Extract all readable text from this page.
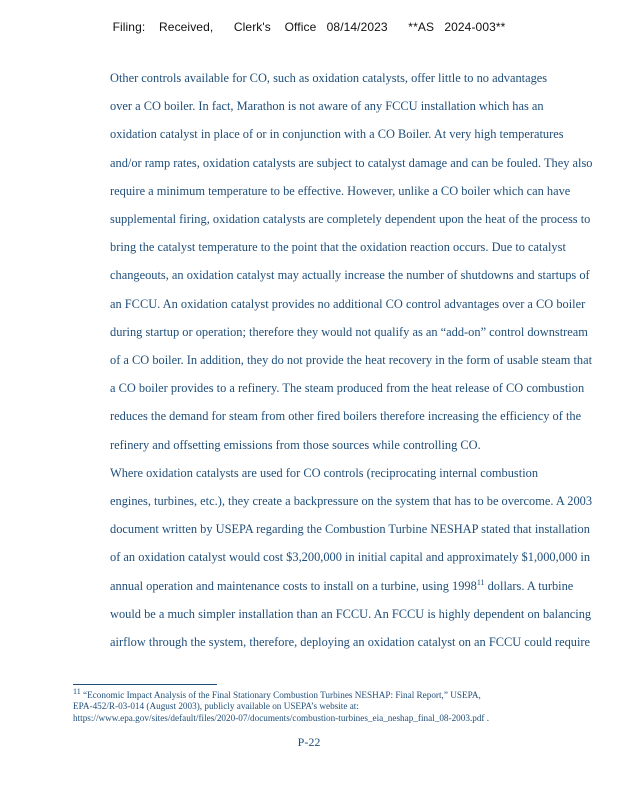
Filing:    Received,      Clerk's    Office   08/14/2023      **AS   2024-003**

Other controls available for CO, such as oxidation catalysts, offer little to no advantages
over a CO boiler. In fact, Marathon is not aware of any FCCU installation which has an
oxidation catalyst in place of or in conjunction with a CO Boiler. At very high temperatures
and/or ramp rates, oxidation catalysts are subject to catalyst damage and can be fouled. They also
require a minimum temperature to be effective. However, unlike a CO boiler which can have
supplemental firing, oxidation catalysts are completely dependent upon the heat of the process to
bring the catalyst temperature to the point that the oxidation reaction occurs. Due to catalyst
changeouts, an oxidation catalyst may actually increase the number of shutdowns and startups of
an FCCU. An oxidation catalyst provides no additional CO control advantages over a CO boiler
during startup or operation; therefore they would not qualify as an “add-on” control downstream
of a CO boiler. In addition, they do not provide the heat recovery in the form of usable steam that
a CO boiler provides to a refinery. The steam produced from the heat release of CO combustion
reduces the demand for steam from other fired boilers therefore increasing the efficiency of the
refinery and offsetting emissions from those sources while controlling CO.

Where oxidation catalysts are used for CO controls (reciprocating internal combustion
engines, turbines, etc.), they create a backpressure on the system that has to be overcome. A 2003
document written by USEPA regarding the Combustion Turbine NESHAP stated that installation
of an oxidation catalyst would cost $3,200,000 in initial capital and approximately $1,000,000 in
annual operation and maintenance costs to install on a turbine, using 1998$^{11}$ dollars. A turbine
would be a much simpler installation than an FCCU. An FCCU is highly dependent on balancing
airflow through the system, therefore, deploying an oxidation catalyst on an FCCU could require

11 “Economic Impact Analysis of the Final Stationary Combustion Turbines NESHAP: Final Report,” USEPA,
EPA-452/R-03-014 (August 2003), publicly available on USEPA’s website at:
https://www.epa.gov/sites/default/files/2020-07/documents/combustion-turbines_eia_neshap_final_08-2003.pdf .
P-22
